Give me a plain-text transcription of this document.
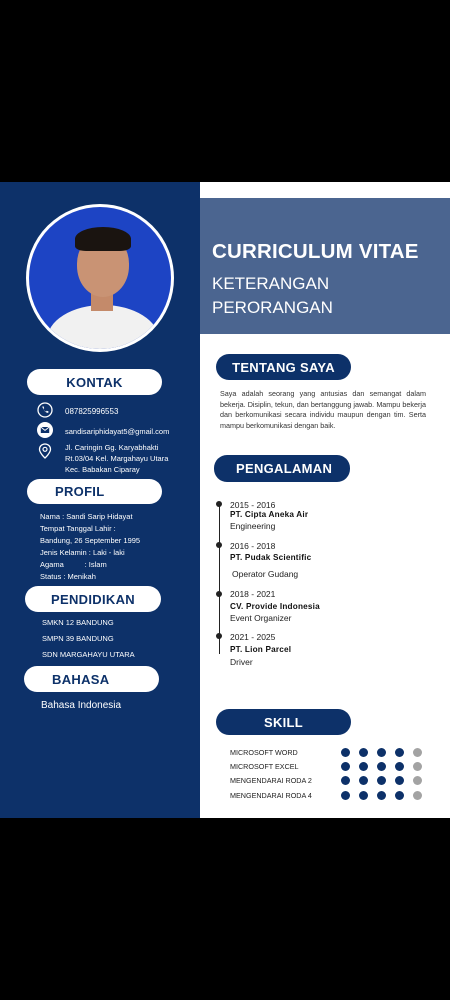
CURRICULUM VITAE
KETERANGAN PERORANGAN
KONTAK
087825996553
sandisariphidayat5@gmail.com
Jl. Caringin Gg. Karyabhakti
Rt.03/04 Kel. Margahayu Utara
Kec. Babakan Ciparay
PROFIL
Nama : Sandi Sarip Hidayat
Tempat Tanggal Lahir :
Bandung, 26 September 1995
Jenis Kelamin : Laki - laki
Agama          : Islam
Status : Menikah
PENDIDIKAN
SMKN 12 BANDUNG
SMPN 39 BANDUNG
SDN MARGAHAYU UTARA
BAHASA
Bahasa Indonesia
TENTANG SAYA
Saya adalah seorang yang antusias dan semangat dalam bekerja. Disiplin, tekun, dan bertanggung jawab. Mampu bekerja dan berkomunikasi secara individu maupun dengan tim. Serta mampu berkomunikasi dengan baik.
PENGALAMAN
2015 - 2016
PT. Cipta Aneka Air
Engineering
2016 - 2018
PT. Pudak Scientific
Operator Gudang
2018 - 2021
CV. Provide Indonesia
Event Organizer
2021 - 2025
PT. Lion Parcel
Driver
SKILL
MICROSOFT WORD
MICROSOFT EXCEL
MENGENDARAI RODA 2
MENGENDARAI RODA 4
